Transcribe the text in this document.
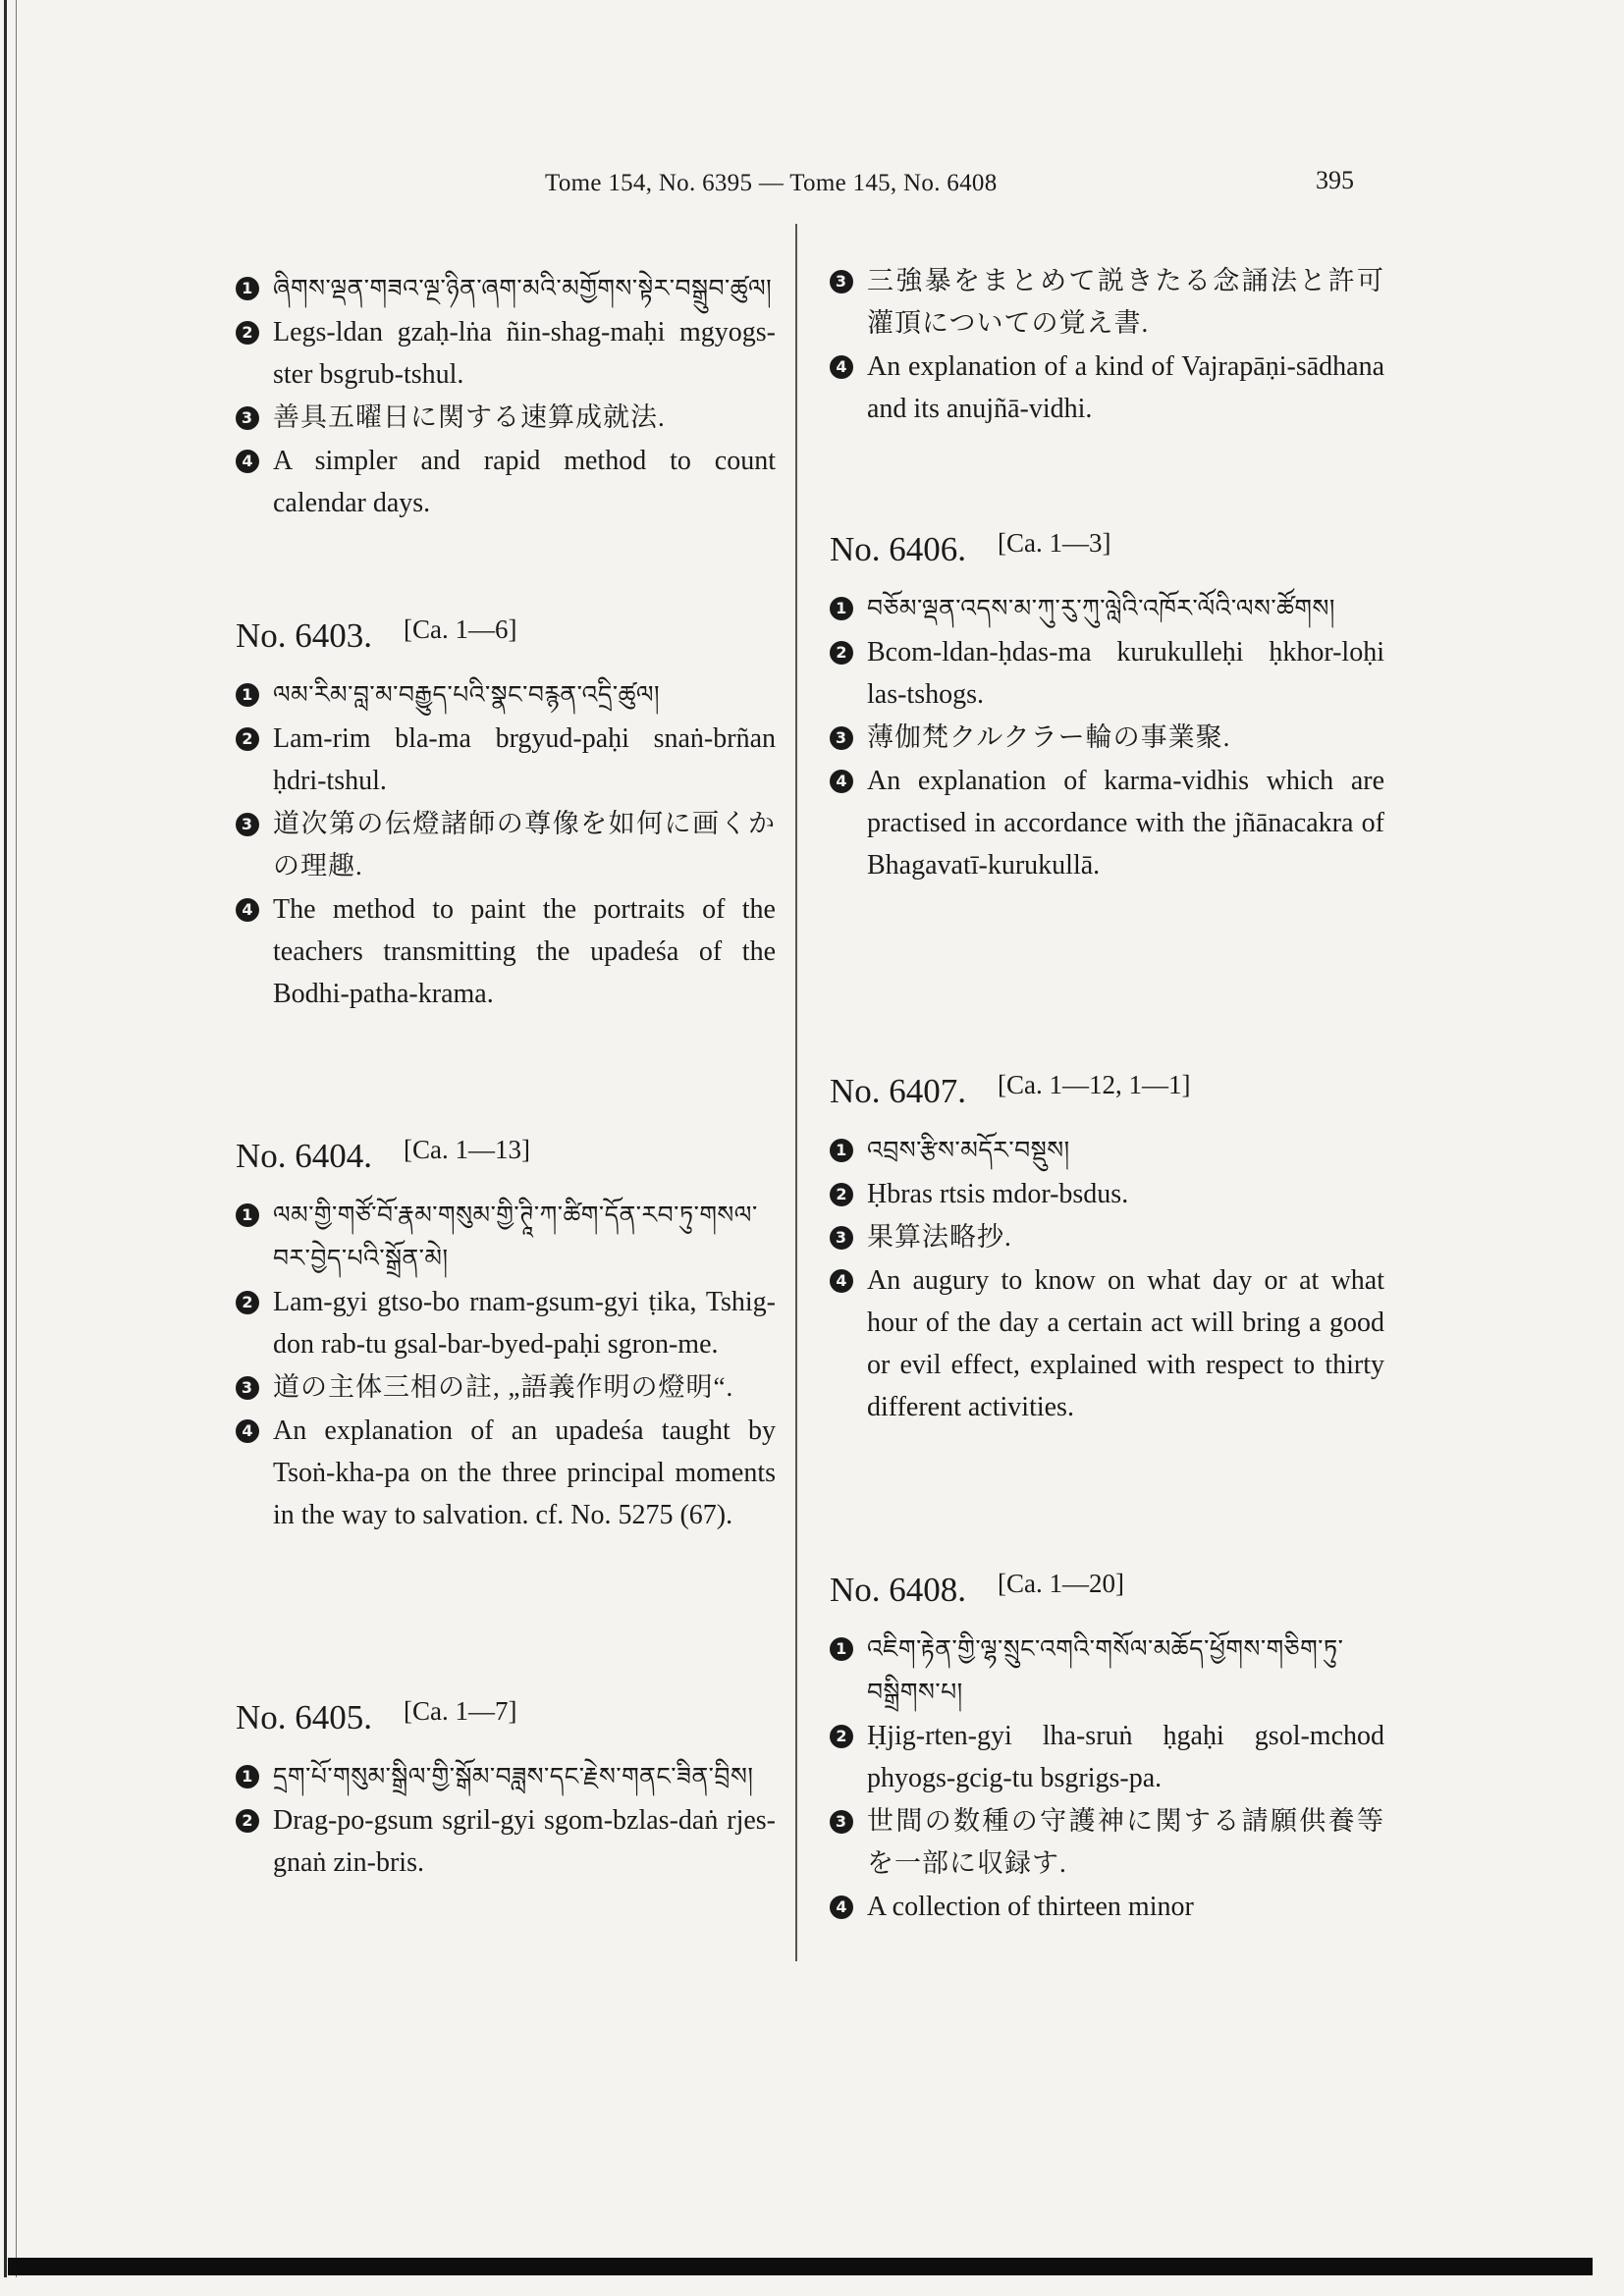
Tome 154, No. 6395 — Tome 145, No. 6408	395
1 ཞིགས་ལྡན་གཟའ་ལྔ་ཉིན་ཞག་མའི་མགྱོགས་སྟེར་བསྒྲུབ་ཚུལ།
2 Legs-ldan gzaḥ-lṅa ñin-shag-maḥi mgyogs-ster bsgrub-tshul.
3 善具五曜日に関する速算成就法.
4 A simpler and rapid method to count calendar days.
No. 6403. [Ca. 1—6]
1 ལམ་རིམ་བླ་མ་བརྒྱུད་པའི་སྣང་བརྙན་འདྲི་ཚུལ།
2 Lam-rim bla-ma brgyud-paḥi snaṅ-brñan ḥdri-tshul.
3 道次第の伝燈諸師の尊像を如何に画くかの理趣.
4 The method to paint the portraits of the teachers transmitting the upadeśa of the Bodhi-patha-krama.
No. 6404. [Ca. 1—13]
1 ལམ་གྱི་གཙོ་བོ་རྣམ་གསུམ་གྱི་ཊཱི་ཀ་ཚིག་དོན་རབ་ཏུ་གསལ་བར་བྱེད་པའི་སྒྲོན་མེ།
2 Lam-gyi gtso-bo rnam-gsum-gyi ṭika, Tshig-don rab-tu gsal-bar-byed-paḥi sgron-me.
3 道の主体三相の註, „語義作明の燈明“.
4 An explanation of an upadeśa taught by Tsoṅ-kha-pa on the three principal moments in the way to salvation. cf. No. 5275 (67).
No. 6405. [Ca. 1—7]
1 དྲག་པོ་གསུམ་སྒྲིལ་གྱི་སྒོམ་བཟླས་དང་རྗེས་གནང་ཟིན་བྲིས།
2 Drag-po-gsum sgril-gyi sgom-bzlas-daṅ rjes-gnaṅ zin-bris.
3 三強暴をまとめて説きたる念誦法と許可灌頂についての覚え書.
4 An explanation of a kind of Vajrapāṇi-sādhana and its anujñā-vidhi.
No. 6406. [Ca. 1—3]
1 བཅོམ་ལྡན་འདས་མ་ཀུ་རུ་ཀུ་ལླེའི་འཁོར་ལོའི་ལས་ཚོགས།
2 Bcom-ldan-ḥdas-ma kurukulleḥi ḥkhor-loḥi las-tshogs.
3 薄伽梵クルクラー輪の事業聚.
4 An explanation of karma-vidhis which are practised in accordance with the jñānacakra of Bhagavatī-kurukullā.
No. 6407. [Ca. 1—12, 1—1]
1 འབྲས་རྩིས་མདོར་བསྡུས།
2 Ḥbras rtsis mdor-bsdus.
3 果算法略抄.
4 An augury to know on what day or at what hour of the day a certain act will bring a good or evil effect, explained with respect to thirty different activities.
No. 6408. [Ca. 1—20]
1 འཇིག་རྟེན་གྱི་ལྷ་སྲུང་འགའི་གསོལ་མཆོད་ཕྱོགས་གཅིག་ཏུ་བསྒྲིགས་པ།
2 Ḥjig-rten-gyi lha-sruṅ ḥgaḥi gsol-mchod phyogs-gcig-tu bsgrigs-pa.
3 世間の数種の守護神に関する請願供養等を一部に収録す.
4 A collection of thirteen minor
